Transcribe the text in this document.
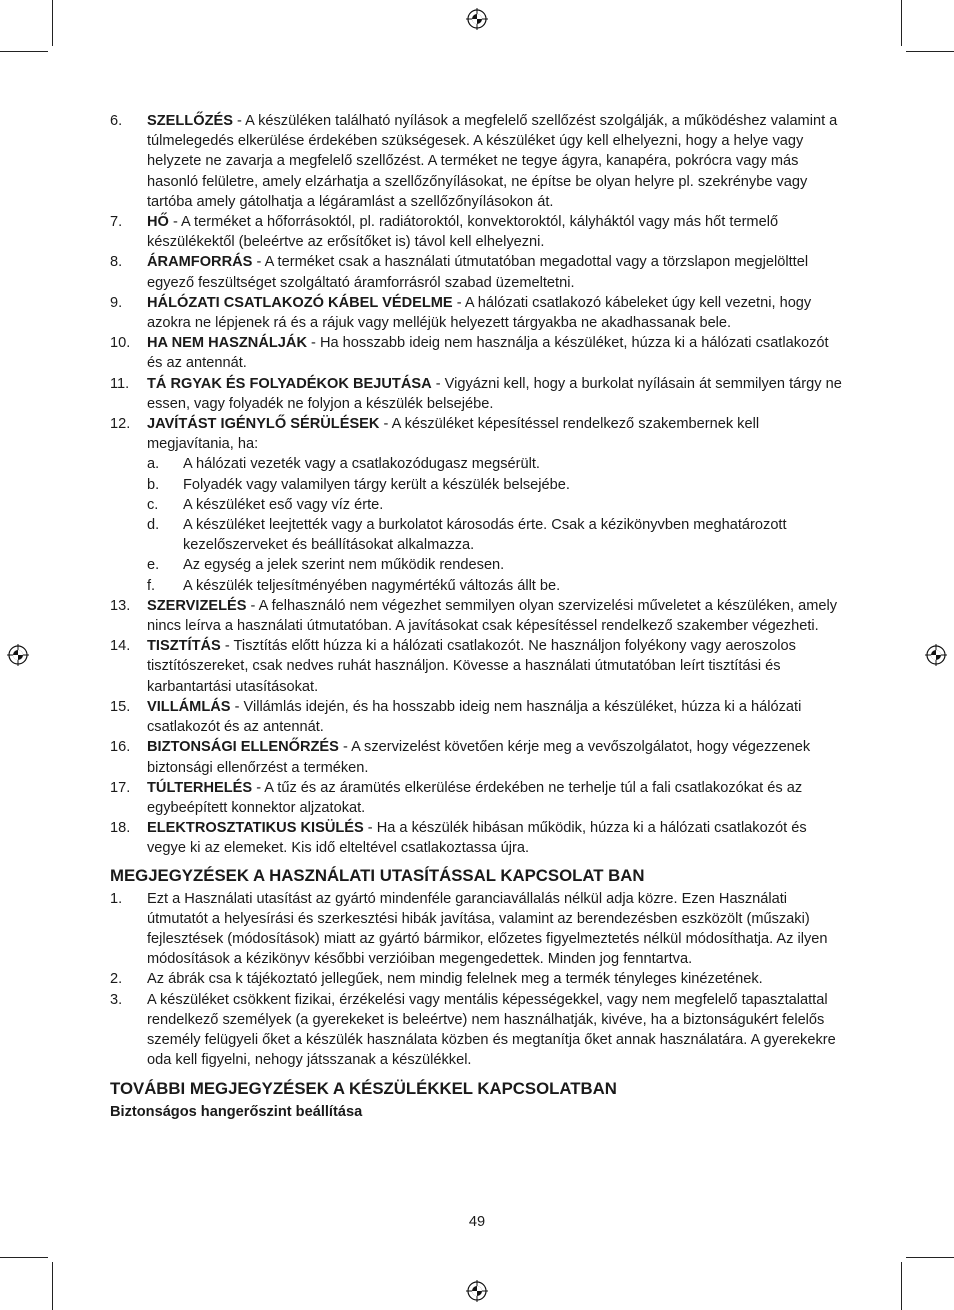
6.	SZELLŐZÉS - A készüléken található nyílások a megfelelő szellőzést szolgálják, a működéshez valamint a túlmelegedés elkerülése érdekében szükségesek. A készüléket úgy kell elhelyezni, hogy a helye vagy helyzete ne zavarja a megfelelő szellőzést. A terméket ne tegye ágyra, kanapéra, pokrócra vagy más hasonló felületre, amely elzárhatja a szellőzőnyílásokat, ne építse be olyan helyre pl. szekrénybe vagy tartóba amely gátolhatja a légáramlást a szellőzőnyílásokon át.
7.	HŐ - A terméket a hőforrásoktól, pl. radiátoroktól, konvektoroktól, kályháktól vagy más hőt termelő készülékektől (beleértve az erősítőket is) távol kell elhelyezni.
8.	ÁRAMFORRÁS - A terméket csak a használati útmutatóban megadottal vagy a törzslapon megjelölttel egyező feszültséget szolgáltató áramforrásról szabad üzemeltetni.
9.	HÁLÓZATI CSATLAKOZÓ KÁBEL VÉDELME - A hálózati csatlakozó kábeleket úgy kell vezetni, hogy azokra ne lépjenek rá és a rájuk vagy melléjük helyezett tárgyakba ne akadhassanak bele.
10.	HA NEM HASZNÁLJÁK - Ha hosszabb ideig nem használja a készüléket, húzza ki a hálózati csatlakozót és az antennát.
11.	TÁ RGYAK ÉS FOLYADÉKOK BEJUTÁSA - Vigyázni kell, hogy a burkolat nyílásain át semmilyen tárgy ne essen, vagy folyadék ne folyjon a készülék belsejébe.
12.	JAVÍTÁST IGÉNYLŐ SÉRÜLÉSEK - A készüléket képesítéssel rendelkező szakembernek kell megjavítania, ha:
a.	A hálózati vezeték vagy a csatlakozódugasz megsérült.
b.	Folyadék vagy valamilyen tárgy került a készülék belsejébe.
c.	A készüléket eső vagy víz érte.
d.	A készüléket leejtették vagy a burkolatot károsodás érte. Csak a kézikönyvben meghatározott kezelőszerveket és beállításokat alkalmazza.
e.	Az egység a jelek szerint nem működik rendesen.
f.	A készülék teljesítményében nagymértékű változás állt be.
13.	SZERVIZELÉS - A felhasználó nem végezhet semmilyen olyan szervizelési műveletet a készüléken, amely nincs leírva a használati útmutatóban. A javításokat csak képesítéssel rendelkező szakember végezheti.
14.	TISZTÍTÁS - Tisztítás előtt húzza ki a hálózati csatlakozót. Ne használjon folyékony vagy aeroszolos tisztítószereket, csak nedves ruhát használjon. Kövesse a használati útmutatóban leírt tisztítási és karbantartási utasításokat.
15.	VILLÁMLÁS - Villámlás idején, és ha hosszabb ideig nem használja a készüléket, húzza ki a hálózati csatlakozót és az antennát.
16.	BIZTONSÁGI ELLENŐRZÉS - A szervizelést követően kérje meg a vevőszolgálatot, hogy végezzenek biztonsági ellenőrzést a terméken.
17.	TÚLTERHELÉS - A tűz és az áramütés elkerülése érdekében ne terhelje túl a fali csatlakozókat és az egybeépített konnektor aljzatokat.
18.	ELEKTROSZTATIKUS KISÜLÉS - Ha a készülék hibásan működik, húzza ki a hálózati csatlakozót és vegye ki az elemeket. Kis idő elteltével csatlakoztassa újra.
MEGJEGYZÉSEK A HASZNÁLATI UTASÍTÁSSAL KAPCSOLAT BAN
1.	Ezt a Használati utasítást az gyártó mindenféle garanciavállalás nélkül adja közre. Ezen Használati útmutatót a helyesírási és szerkesztési hibák javítása, valamint az berendezésben eszközölt (műszaki) fejlesztések (módosítások) miatt az gyártó bármikor, előzetes figyelmeztetés nélkül módosíthatja. Az ilyen módosítások a kézikönyv későbbi verzióiban megengedettek. Minden jog fenntartva.
2.	Az ábrák csa k tájékoztató jellegűek, nem mindig felelnek meg a termék tényleges kinézetének.
3.	A készüléket csökkent fizikai, érzékelési vagy mentális képességekkel, vagy nem megfelelő tapasztalattal rendelkező személyek (a gyerekeket is beleértve) nem használhatják, kivéve, ha a biztonságukért felelős személy felügyeli őket a készülék használata közben és megtanítja őket annak használatára. A gyerekekre oda kell figyelni, nehogy játsszanak a készülékkel.
TOVÁBBI MEGJEGYZÉSEK A KÉSZÜLÉKKEL KAPCSOLATBAN
Biztonságos hangerőszint beállítása
49
